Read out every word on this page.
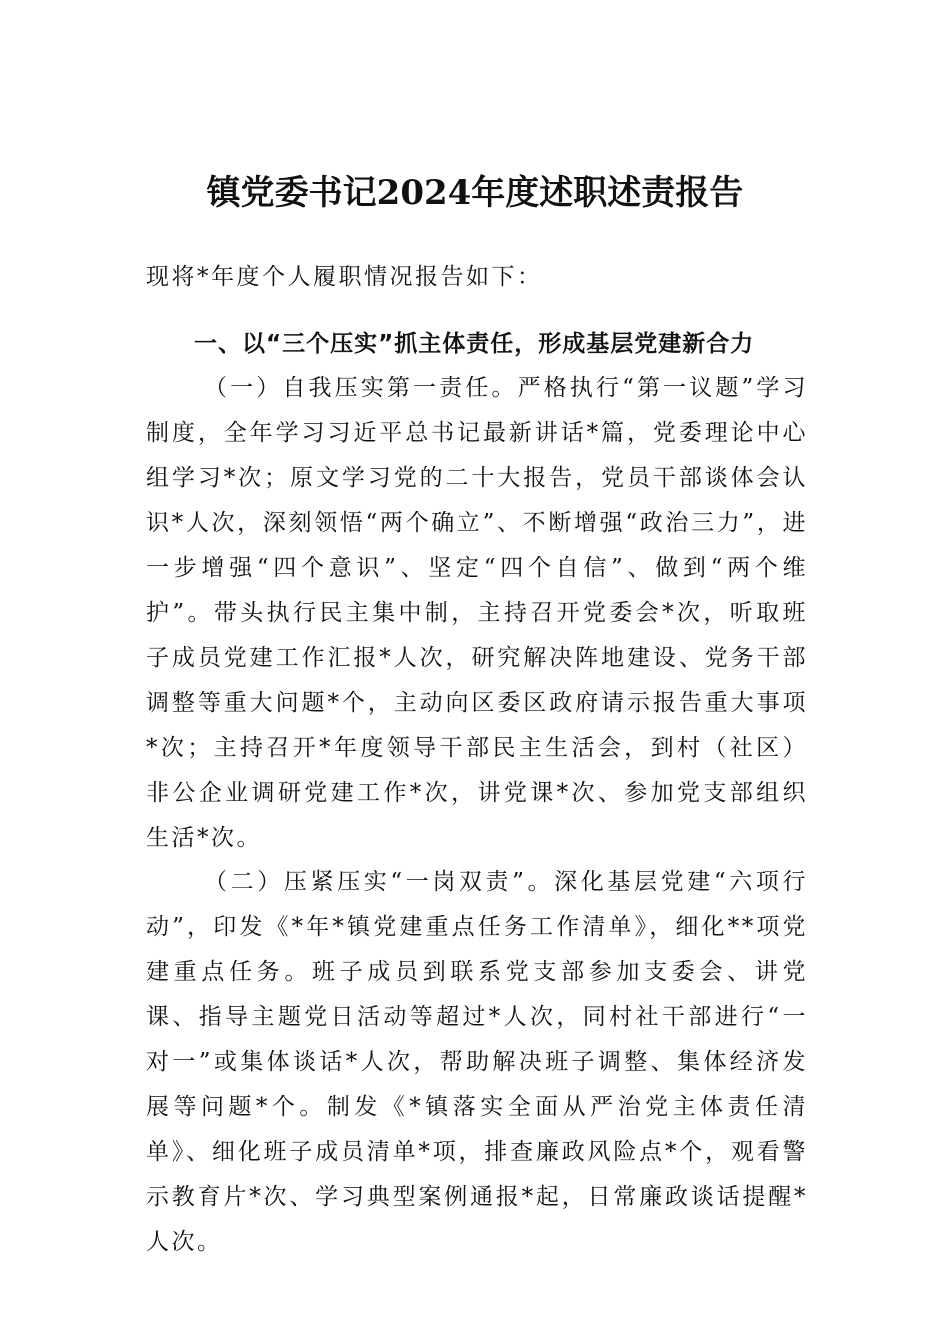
镇党委书记2024年度述职述责报告
现将*年度个人履职情况报告如下：
一、以“三个压实”抓主体责任，形成基层党建新合力
（一）自我压实第一责任。严格执行“第一议题”学习制度，全年学习习近平总书记最新讲话*篇，党委理论中心组学习*次；原文学习党的二十大报告，党员干部谈体会认识*人次，深刻领悟“两个确立”、不断增强“政治三力”，进一步增强“四个意识”、坚定“四个自信”、做到“两个维护”。带头执行民主集中制，主持召开党委会*次，听取班子成员党建工作汇报*人次，研究解决阵地建设、党务干部调整等重大问题*个，主动向区委区政府请示报告重大事项*次；主持召开*年度领导干部民主生活会，到村（社区）非公企业调研党建工作*次，讲党课*次、参加党支部组织生活*次。
（二）压紧压实“一岗双责”。深化基层党建“六项行动”，印发《*年*镇党建重点任务工作清单》，细化**项党建重点任务。班子成员到联系党支部参加支委会、讲党课、指导主题党日活动等超过*人次，同村社干部进行“一对一”或集体谈话*人次，帮助解决班子调整、集体经济发展等问题*个。制发《*镇落实全面从严治党主体责任清单》、细化班子成员清单*项，排查廉政风险点*个，观看警示教育片*次、学习典型案例通报*起，日常廉政谈话提醒*人次。
